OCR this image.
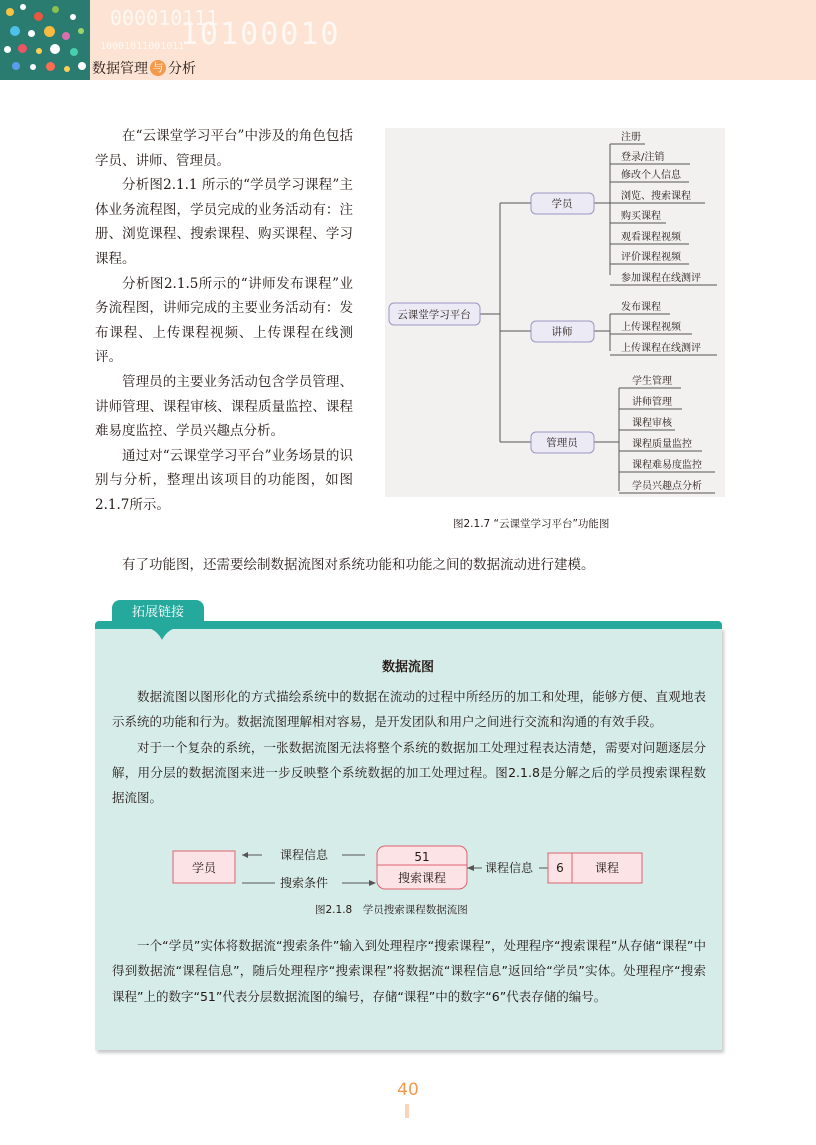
000010111
10001011001011
10100010
数据管理 与 分析

在“云课堂学习平台”中涉及的角色包括学员、讲师、管理员。

分析图2.1.1 所示的“学员学习课程”主体业务流程图，学员完成的业务活动有：注册、浏览课程、搜索课程、购买课程、学习课程。

分析图2.1.5所示的“讲师发布课程”业务流程图，讲师完成的主要业务活动有：发布课程、上传课程视频、上传课程在线测评。

管理员的主要业务活动包含学员管理、讲师管理、课程审核、课程质量监控、课程难易度监控、学员兴趣点分析。

通过对“云课堂学习平台”业务场景的识别与分析，整理出该项目的功能图，如图2.1.7所示。

云课堂学习平台
学员
讲师
管理员
注册
登录/注销
修改个人信息
浏览、搜索课程
购买课程
观看课程视频
评价课程视频
参加课程在线测评
发布课程
上传课程视频
上传课程在线测评
学生管理
讲师管理
课程审核
课程质量监控
课程难易度监控
学员兴趣点分析
图2.1.7 “云课堂学习平台”功能图
有了功能图，还需要绘制数据流图对系统功能和功能之间的数据流动进行建模。
拓展链接
数据流图

数据流图以图形化的方式描绘系统中的数据在流动的过程中所经历的加工和处理，能够方便、直观地表示系统的功能和行为。数据流图理解相对容易，是开发团队和用户之间进行交流和沟通的有效手段。

对于一个复杂的系统，一张数据流图无法将整个系统的数据加工处理过程表达清楚，需要对问题逐层分解，用分层的数据流图来进一步反映整个系统数据的加工处理过程。图2.1.8是分解之后的学员搜索课程数据流图。

学员
课程信息
搜索条件
51
搜索课程
课程信息 6	课程
图2.1.8　学员搜索课程数据流图

一个“学员”实体将数据流“搜索条件”输入到处理程序“搜索课程”，处理程序“搜索课程”从存储“课程”中得到数据流“课程信息”，随后处理程序“搜索课程”将数据流“课程信息”返回给“学员”实体。处理程序“搜索课程”上的数字“51”代表分层数据流图的编号，存储“课程”中的数字“6”代表存储的编号。

40
